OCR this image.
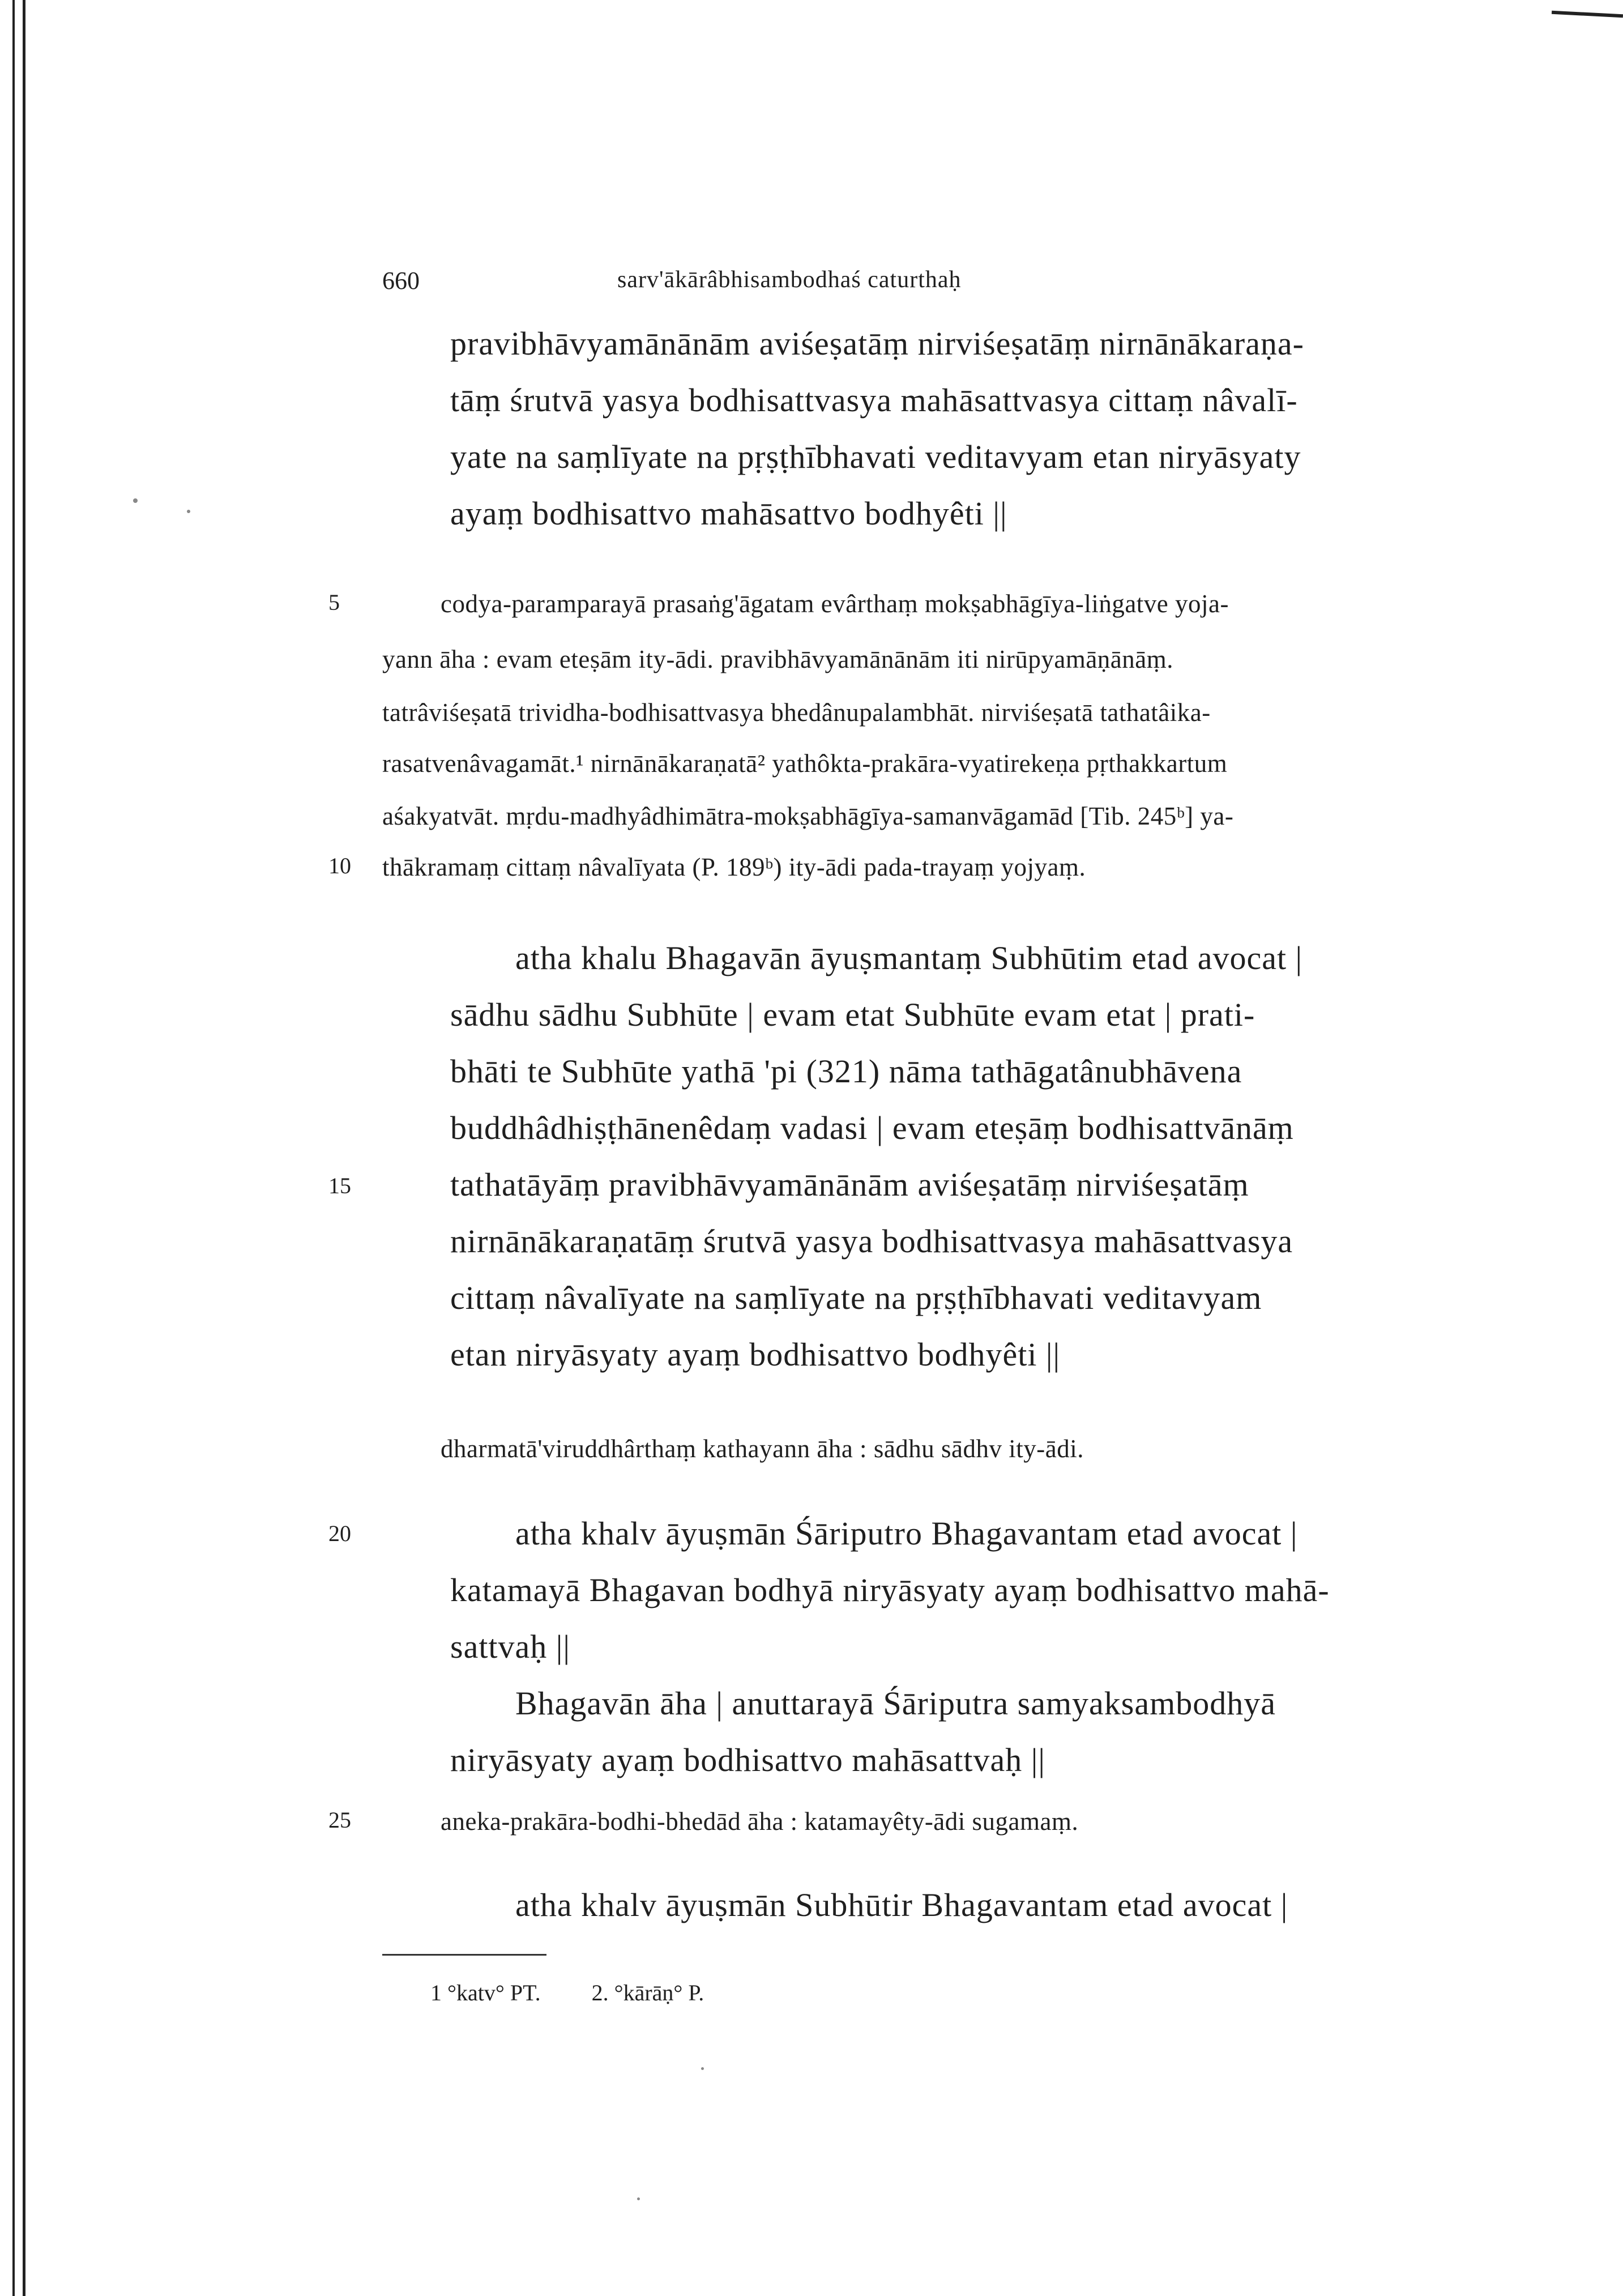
660	sarv'ākārâbhisambodhaś caturthaḥ
pravibhāvyamānānām aviśeṣatāṃ nirviśeṣatāṃ nirnānākaraṇa-
tāṃ śrutvā yasya bodhisattvasya mahāsattvasya cittaṃ nâvalī-
yate na saṃlīyate na pṛṣṭhībhavati veditavyam etan niryāsyaty
ayaṃ bodhisattvo mahāsattvo bodhyêti ||
codya-paramparayā prasaṅg'āgatam evârthaṃ mokṣabhāgīya-liṅgatve yoja-
yann āha : evam eteṣām ity-ādi. pravibhāvyamānānām iti nirūpyamāṇānāṃ.
tatrâviśeṣatā trividha-bodhisattvasya bhedânupalambhāt. nirviśeṣatā tathatâika-
rasatvenâvagamāt.¹ nirnānākaraṇatā² yathôkta-prakāra-vyatirekeṇa pṛthakkartum
aśakyatvāt. mṛdu-madhyâdhimātra-mokṣabhāgīya-samanvāgamād [Tib. 245ᵇ] ya-
thākramaṃ cittaṃ nâvalīyata (P. 189ᵇ) ity-ādi pada-trayaṃ yojyaṃ.
atha khalu Bhagavān āyuṣmantaṃ Subhūtim etad avocat |
sādhu sādhu Subhūte | evam etat Subhūte evam etat | prati-
bhāti te Subhūte yathā 'pi (321) nāma tathāgatânubhāvena
buddhâdhiṣṭhānenêdaṃ vadasi | evam eteṣāṃ bodhisattvānāṃ
tathatāyāṃ pravibhāvyamānānām aviśeṣatāṃ nirviśeṣatāṃ
nirnānākaraṇatāṃ śrutvā yasya bodhisattvasya mahāsattvasya
cittaṃ nâvalīyate na saṃlīyate na pṛṣṭhībhavati veditavyam
etan niryāsyaty ayaṃ bodhisattvo bodhyêti ||
dharmatā'viruddhârthaṃ kathayann āha : sādhu sādhv ity-ādi.
atha khalv āyuṣmān Śāriputro Bhagavantam etad avocat |
katamayā Bhagavan bodhyā niryāsyaty ayaṃ bodhisattvo mahā-
sattvaḥ ||
Bhagavān āha | anuttarayā Śāriputra samyaksambodhyā
niryāsyaty ayaṃ bodhisattvo mahāsattvaḥ ||
aneka-prakāra-bodhi-bhedād āha : katamayêty-ādi sugamaṃ.
atha khalv āyuṣmān Subhūtir Bhagavantam etad avocat |
5
10
15
20
25
1 °katv° PT. 2. °kārāṇ° P.
